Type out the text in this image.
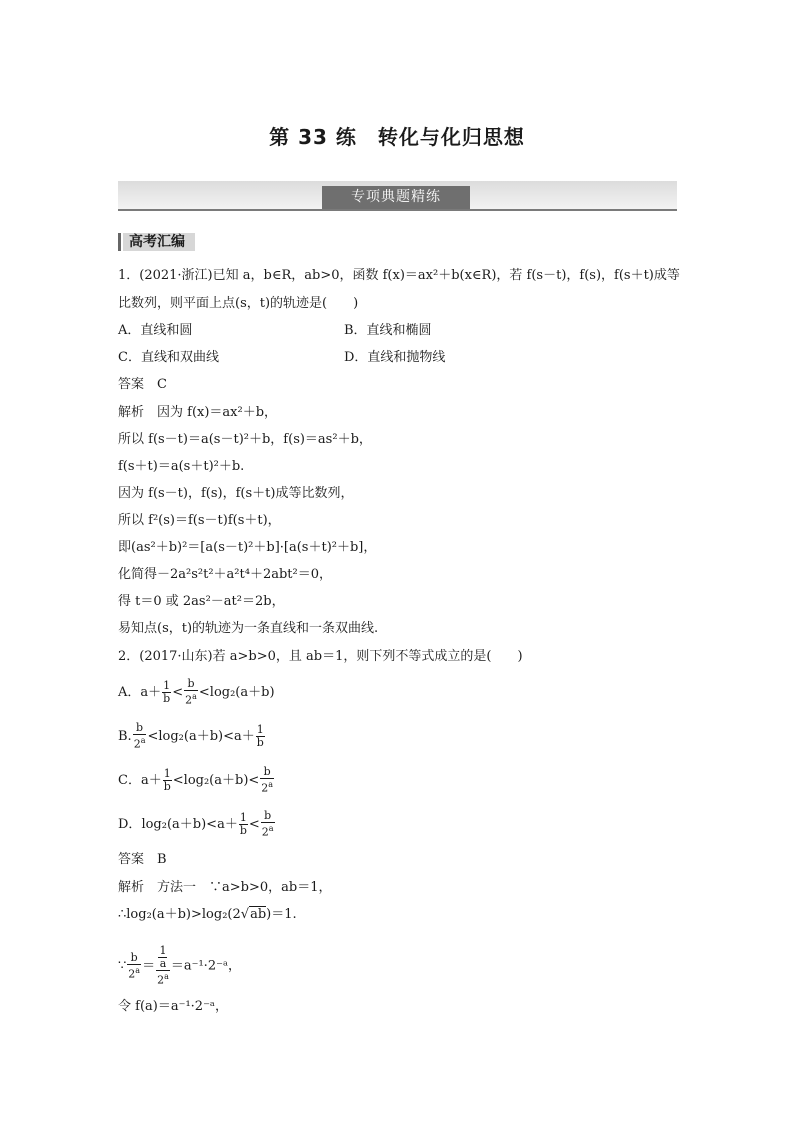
第 33 练　转化与化归思想
专项典题精练
高考汇编
1．(2021·浙江)已知 a，b∈R，ab>0，函数 f(x)＝ax²＋b(x∈R)，若 f(s－t)，f(s)，f(s＋t)成等
比数列，则平面上点(s，t)的轨迹是(　　)
A．直线和圆	B．直线和椭圆
C．直线和双曲线	D．直线和抛物线
答案　C
解析　因为 f(x)＝ax²＋b，
所以 f(s－t)＝a(s－t)²＋b，f(s)＝as²＋b，
f(s＋t)＝a(s＋t)²＋b.
因为 f(s－t)，f(s)，f(s＋t)成等比数列，
所以 f²(s)＝f(s－t)f(s＋t)，
即(as²＋b)²＝[a(s－t)²＋b]·[a(s＋t)²＋b]，
化简得－2a²s²t²＋a²t⁴＋2abt²＝0，
得 t＝0 或 2as²－at²＝2b，
易知点(s，t)的轨迹为一条直线和一条双曲线.
2．(2017·山东)若 a>b>0，且 ab＝1，则下列不等式成立的是(　　)
A．$a+ \frac{1}{b} < \frac{b}{2^a} <\log_2(a+b)$
B. $\frac{b}{2^a} <\log_2(a+b)<a+ \frac{1}{b}$
C．$a+ \frac{1}{b} <\log_2(a+b)< \frac{b}{2^a}$
D．$\log_2(a+b)<a+ \frac{1}{b} < \frac{b}{2^a}$
答案　B
解析　方法一　∵a>b>0，ab＝1，
∴log₂(a＋b)>log₂(2√ab)＝1.
∵ $\frac{b}{2^a} = \frac{\frac{1}{a}}{2^a}$ ＝a⁻¹·2⁻ᵃ，
令 f(a)＝a⁻¹·2⁻ᵃ，
